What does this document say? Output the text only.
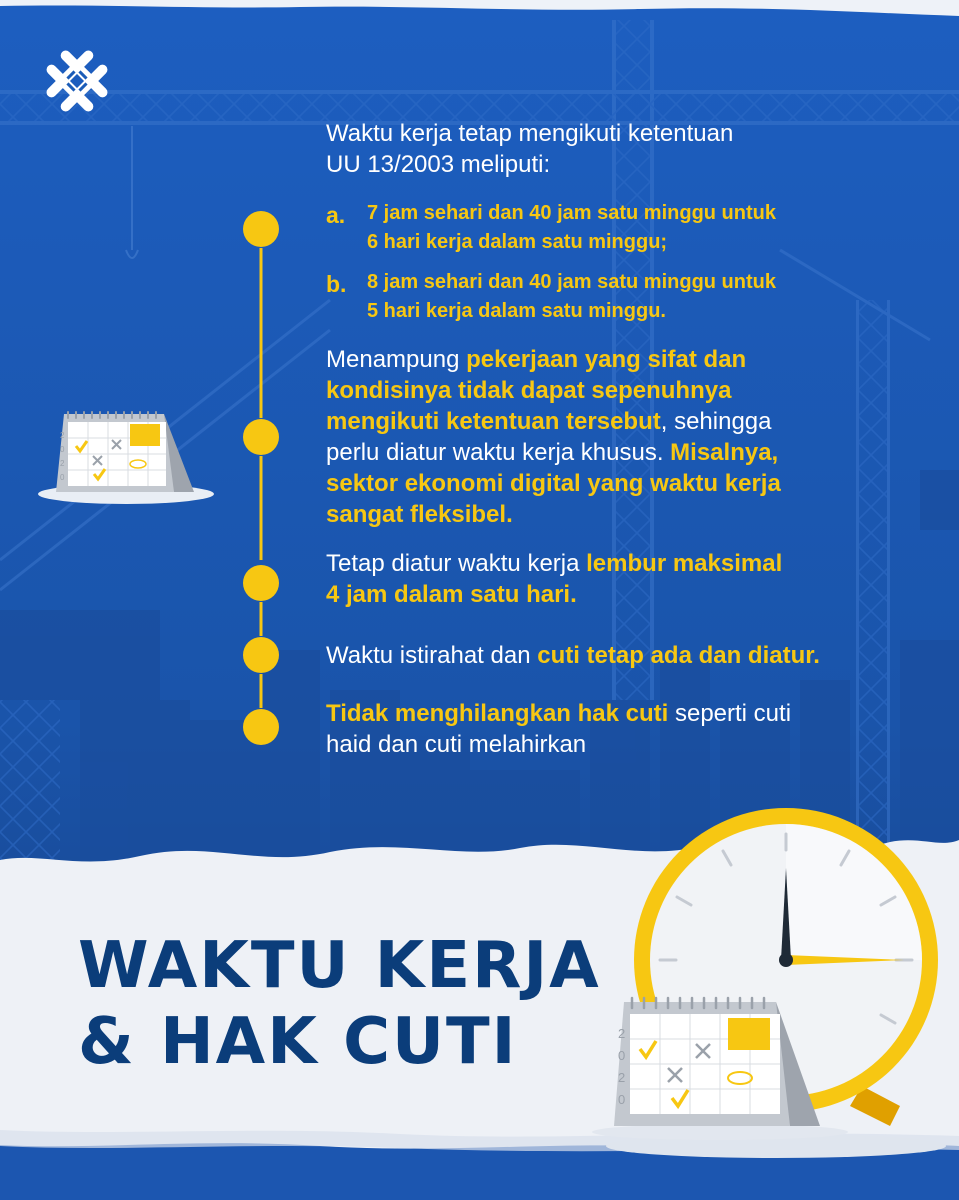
Waktu kerja tetap mengikuti ketentuan
UU 13/2003 meliputi:
a. 7 jam sehari dan 40 jam satu minggu untuk
6 hari kerja dalam satu minggu;
b. 8 jam sehari dan 40 jam satu minggu untuk
5 hari kerja dalam satu minggu.
Menampung pekerjaan yang sifat dan
kondisinya tidak dapat sepenuhnya
mengikuti ketentuan tersebut, sehingga
perlu diatur waktu kerja khusus. Misalnya,
sektor ekonomi digital yang waktu kerja
sangat fleksibel.
Tetap diatur waktu kerja lembur maksimal
4 jam dalam satu hari.
Waktu istirahat dan cuti tetap ada dan diatur.
Tidak menghilangkan hak cuti seperti cuti
haid dan cuti melahirkan
2
0
2
0
2
0
2
0
WAKTU KERJA
& HAK CUTI
